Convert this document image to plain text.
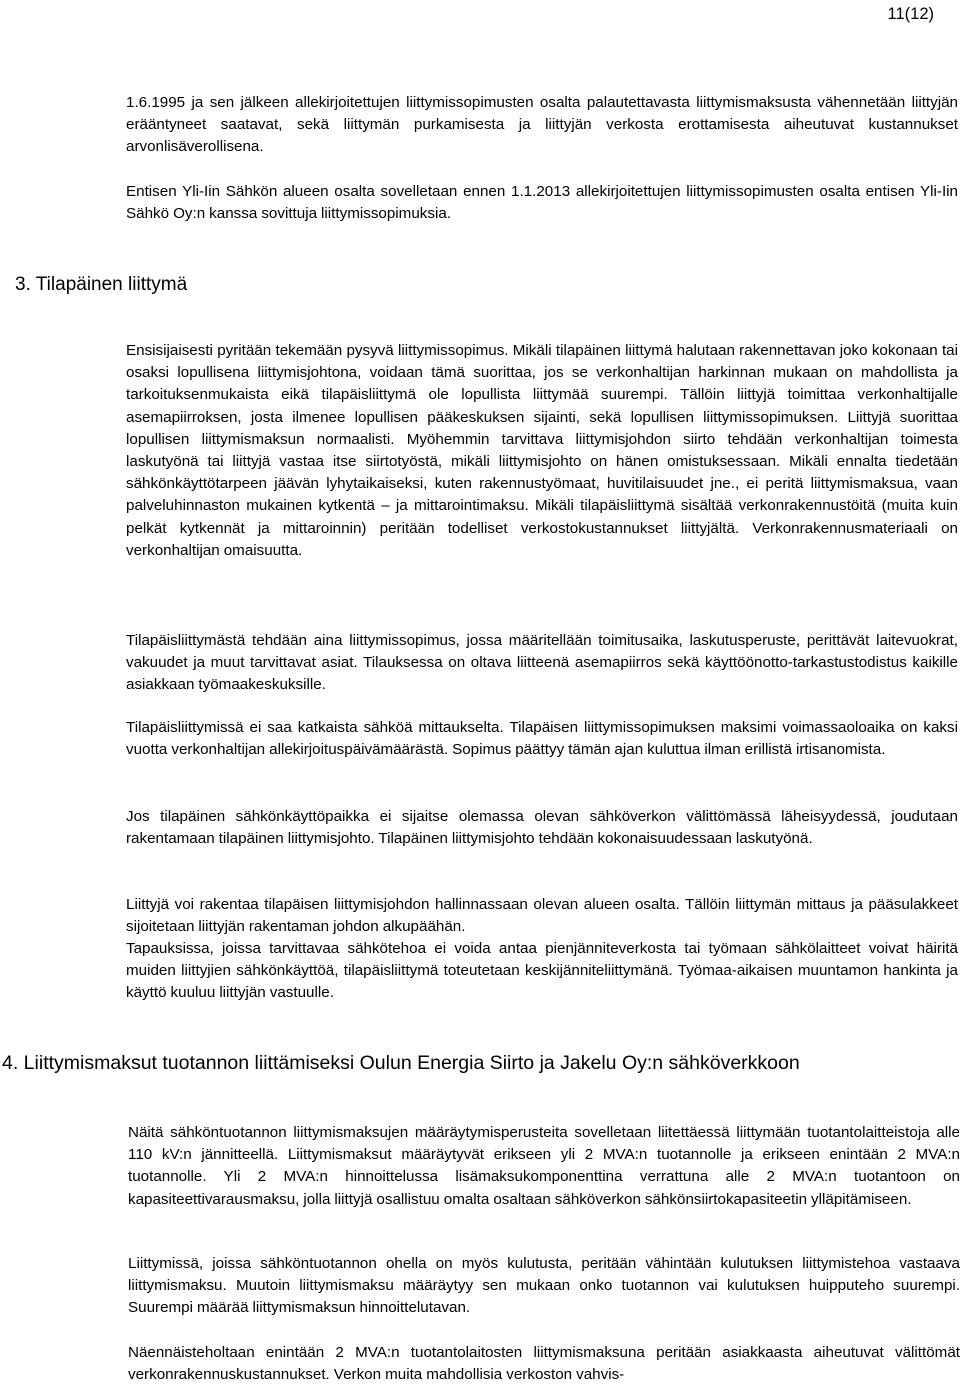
11(12)
1.6.1995 ja sen jälkeen allekirjoitettujen liittymissopimusten osalta palautettavasta liittymismaksusta vähennetään liittyjän erääntyneet saatavat, sekä liittymän purkamisesta ja liittyjän verkosta erottamisesta aiheutuvat kustannukset arvonlisäverollisena.
Entisen Yli-Iin Sähkön alueen osalta sovelletaan ennen 1.1.2013 allekirjoitettujen liittymissopimusten osalta entisen Yli-Iin Sähkö Oy:n kanssa sovittuja liittymissopimuksia.
3. Tilapäinen liittymä
Ensisijaisesti pyritään tekemään pysyvä liittymissopimus. Mikäli tilapäinen liittymä halutaan rakennettavan joko kokonaan tai osaksi lopullisena liittymisjohtona, voidaan tämä suorittaa, jos se verkonhaltijan harkinnan mukaan on mahdollista ja tarkoituksenmukaista eikä tilapäisliittymä ole lopullista liittymää suurempi. Tällöin liittyjä toimittaa verkonhaltijalle asemapiirroksen, josta ilmenee lopullisen pääkeskuksen sijainti, sekä lopullisen liittymissopimuksen. Liittyjä suorittaa lopullisen liittymismaksun normaalisti. Myöhemmin tarvittava liittymisjohdon siirto tehdään verkonhaltijan toimesta laskutyönä tai liittyjä vastaa itse siirtotyöstä, mikäli liittymisjohto on hänen omistuksessaan. Mikäli ennalta tiedetään sähkönkäyttötarpeen jäävän lyhytaikaiseksi, kuten rakennustyömaat, huvitilaisuudet jne., ei peritä liittymismaksua, vaan palveluhinnaston mukainen kytkentä – ja mittarointimaksu. Mikäli tilapäisliittymä sisältää verkonrakennustöitä (muita kuin pelkät kytkennät ja mittaroinnin) peritään todelliset verkostokustannukset liittyjältä. Verkonrakennusmateriaali on verkonhaltijan omaisuutta.
Tilapäisliittymästä tehdään aina liittymissopimus, jossa määritellään toimitusaika, laskutusperuste, perittävät laitevuokrat, vakuudet ja muut tarvittavat asiat. Tilauksessa on oltava liitteenä asemapiirros sekä käyttöönotto-tarkastustodistus kaikille asiakkaan työmaakeskuksille.
Tilapäisliittymissä ei saa katkaista sähköä mittaukselta. Tilapäisen liittymissopimuksen maksimi voimassaoloaika on kaksi vuotta verkonhaltijan allekirjoituspäivämäärästä. Sopimus päättyy tämän ajan kuluttua ilman erillistä irtisanomista.
Jos tilapäinen sähkönkäyttöpaikka ei sijaitse olemassa olevan sähköverkon välittömässä läheisyydessä, joudutaan rakentamaan tilapäinen liittymisjohto. Tilapäinen liittymisjohto tehdään kokonaisuudessaan laskutyönä.
Liittyjä voi rakentaa tilapäisen liittymisjohdon hallinnassaan olevan alueen osalta. Tällöin liittymän mittaus ja pääsulakkeet sijoitetaan liittyjän rakentaman johdon alkupäähän.
Tapauksissa, joissa tarvittavaa sähkötehoa ei voida antaa pienjänniteverkosta tai työmaan sähkölaitteet voivat häiritä muiden liittyjien sähkönkäyttöä, tilapäisliittymä toteutetaan keskijänniteliittymänä. Työmaa-aikaisen muuntamon hankinta ja käyttö kuuluu liittyjän vastuulle.
4. Liittymismaksut tuotannon liittämiseksi Oulun Energia Siirto ja Jakelu Oy:n sähköverkkoon
Näitä sähköntuotannon liittymismaksujen määräytymisperusteita sovelletaan liitettäessä liittymään tuotantolaitteistoja alle 110 kV:n jännitteellä. Liittymismaksut määräytyvät erikseen yli 2 MVA:n tuotannolle ja erikseen enintään 2 MVA:n tuotannolle. Yli 2 MVA:n hinnoittelussa lisämaksukomponenttina verrattuna alle 2 MVA:n tuotantoon on kapasiteettivarausmaksu, jolla liittyjä osallistuu omalta osaltaan sähköverkon sähkönsiirtokapasiteetin ylläpitämiseen.
Liittymissä, joissa sähköntuotannon ohella on myös kulutusta, peritään vähintään kulutuksen liittymistehoa vastaava liittymismaksu. Muutoin liittymismaksu määräytyy sen mukaan onko tuotannon vai kulutuksen huipputeho suurempi. Suurempi määrää liittymismaksun hinnoittelutavan.
Näennäisteholtaan enintään 2 MVA:n tuotantolaitosten liittymismaksuna peritään asiakkaasta aiheutuvat välittömät verkonrakennuskustannukset. Verkon muita mahdollisia verkoston vahvis-
